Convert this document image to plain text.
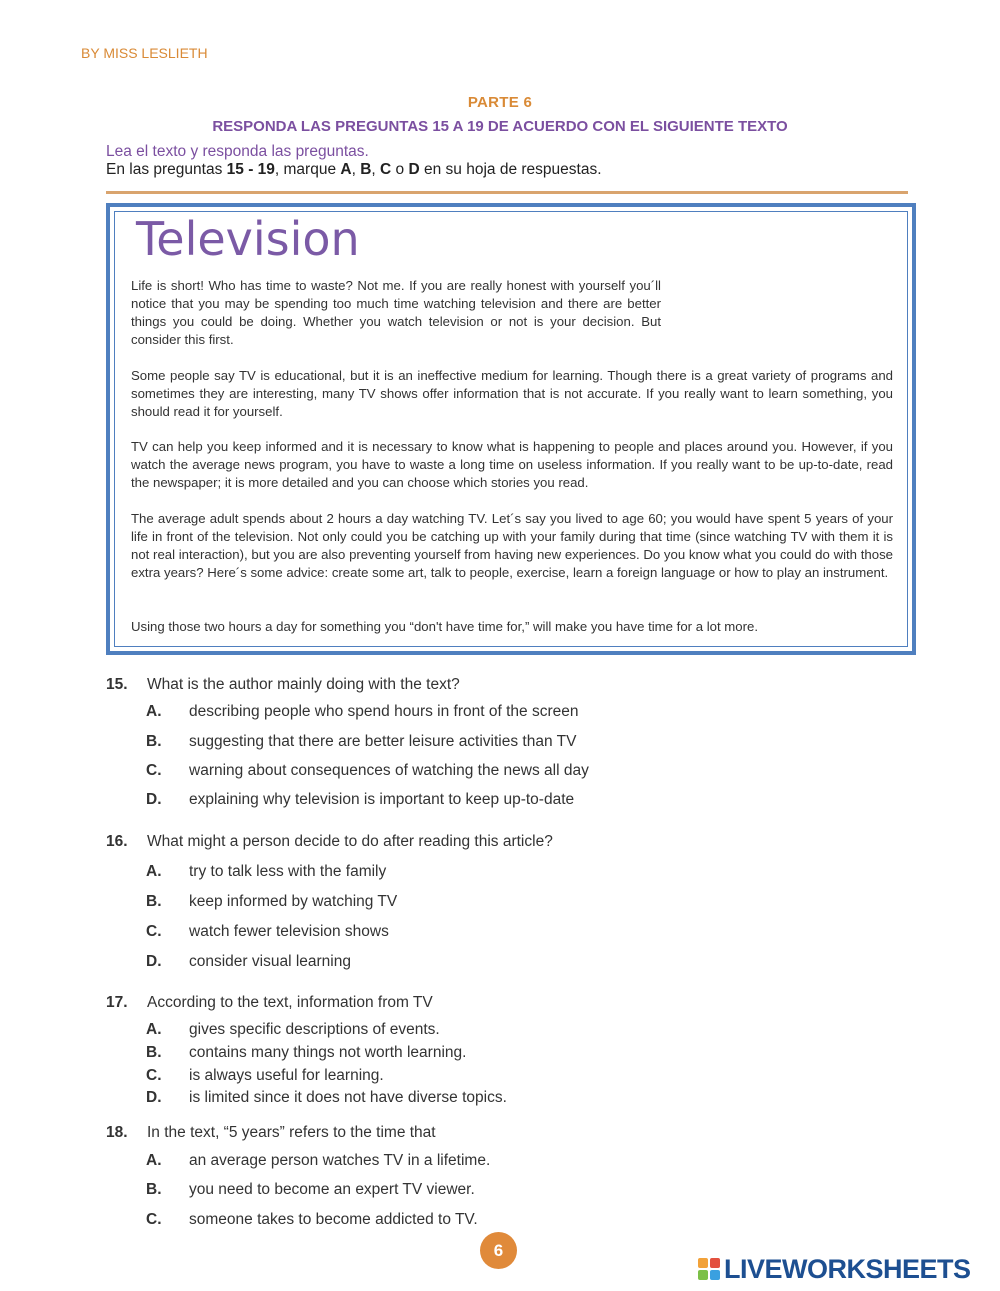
BY MISS LESLIETH
PARTE 6
RESPONDA LAS PREGUNTAS 15 A 19 DE ACUERDO CON EL SIGUIENTE TEXTO
Lea el texto y responda las preguntas.
En las preguntas 15 - 19, marque A, B, C o D en su hoja de respuestas.
Television
Life is short! Who has time to waste? Not me. If you are really honest with yourself you´ll notice that you may be spending too much time watching television and there are better things you could be doing. Whether you watch television or not is your decision. But consider this first.
Some people say TV is educational, but it is an ineffective medium for learning. Though there is a great variety of programs and sometimes they are interesting, many TV shows offer information that is not accurate. If you really want to learn something, you should read it for yourself.
TV can help you keep informed and it is necessary to know what is happening to people and places around you. However, if you watch the average news program, you have to waste a long time on useless information. If you really want to be up-to-date, read the newspaper; it is more detailed and you can choose which stories you read.
The average adult spends about 2 hours a day watching TV. Let´s say you lived to age 60; you would have spent 5 years of your life in front of the television. Not only could you be catching up with your family during that time (since watching TV with them it is not real interaction), but you are also preventing yourself from having new experiences. Do you know what you could do with those extra years? Here´s some advice: create some art, talk to people, exercise, learn a foreign language or how to play an instrument.
Using those two hours a day for something you “don't have time for,” will make you have time for a lot more.
15. What is the author mainly doing with the text?
A. describing people who spend hours in front of the screen
B. suggesting that there are better leisure activities than TV
C. warning about consequences of watching the news all day
D. explaining why television is important to keep up-to-date
16. What might a person decide to do after reading this article?
A. try to talk less with the family
B. keep informed by watching TV
C. watch fewer television shows
D. consider visual learning
17. According to the text, information from TV
A. gives specific descriptions of events.
B. contains many things not worth learning.
C. is always useful for learning.
D. is limited since it does not have diverse topics.
18. In the text, “5 years” refers to the time that
A. an average person watches TV in a lifetime.
B. you need to become an expert TV viewer.
C. someone takes to become addicted to TV.
6
LIVEWORKSHEETS
